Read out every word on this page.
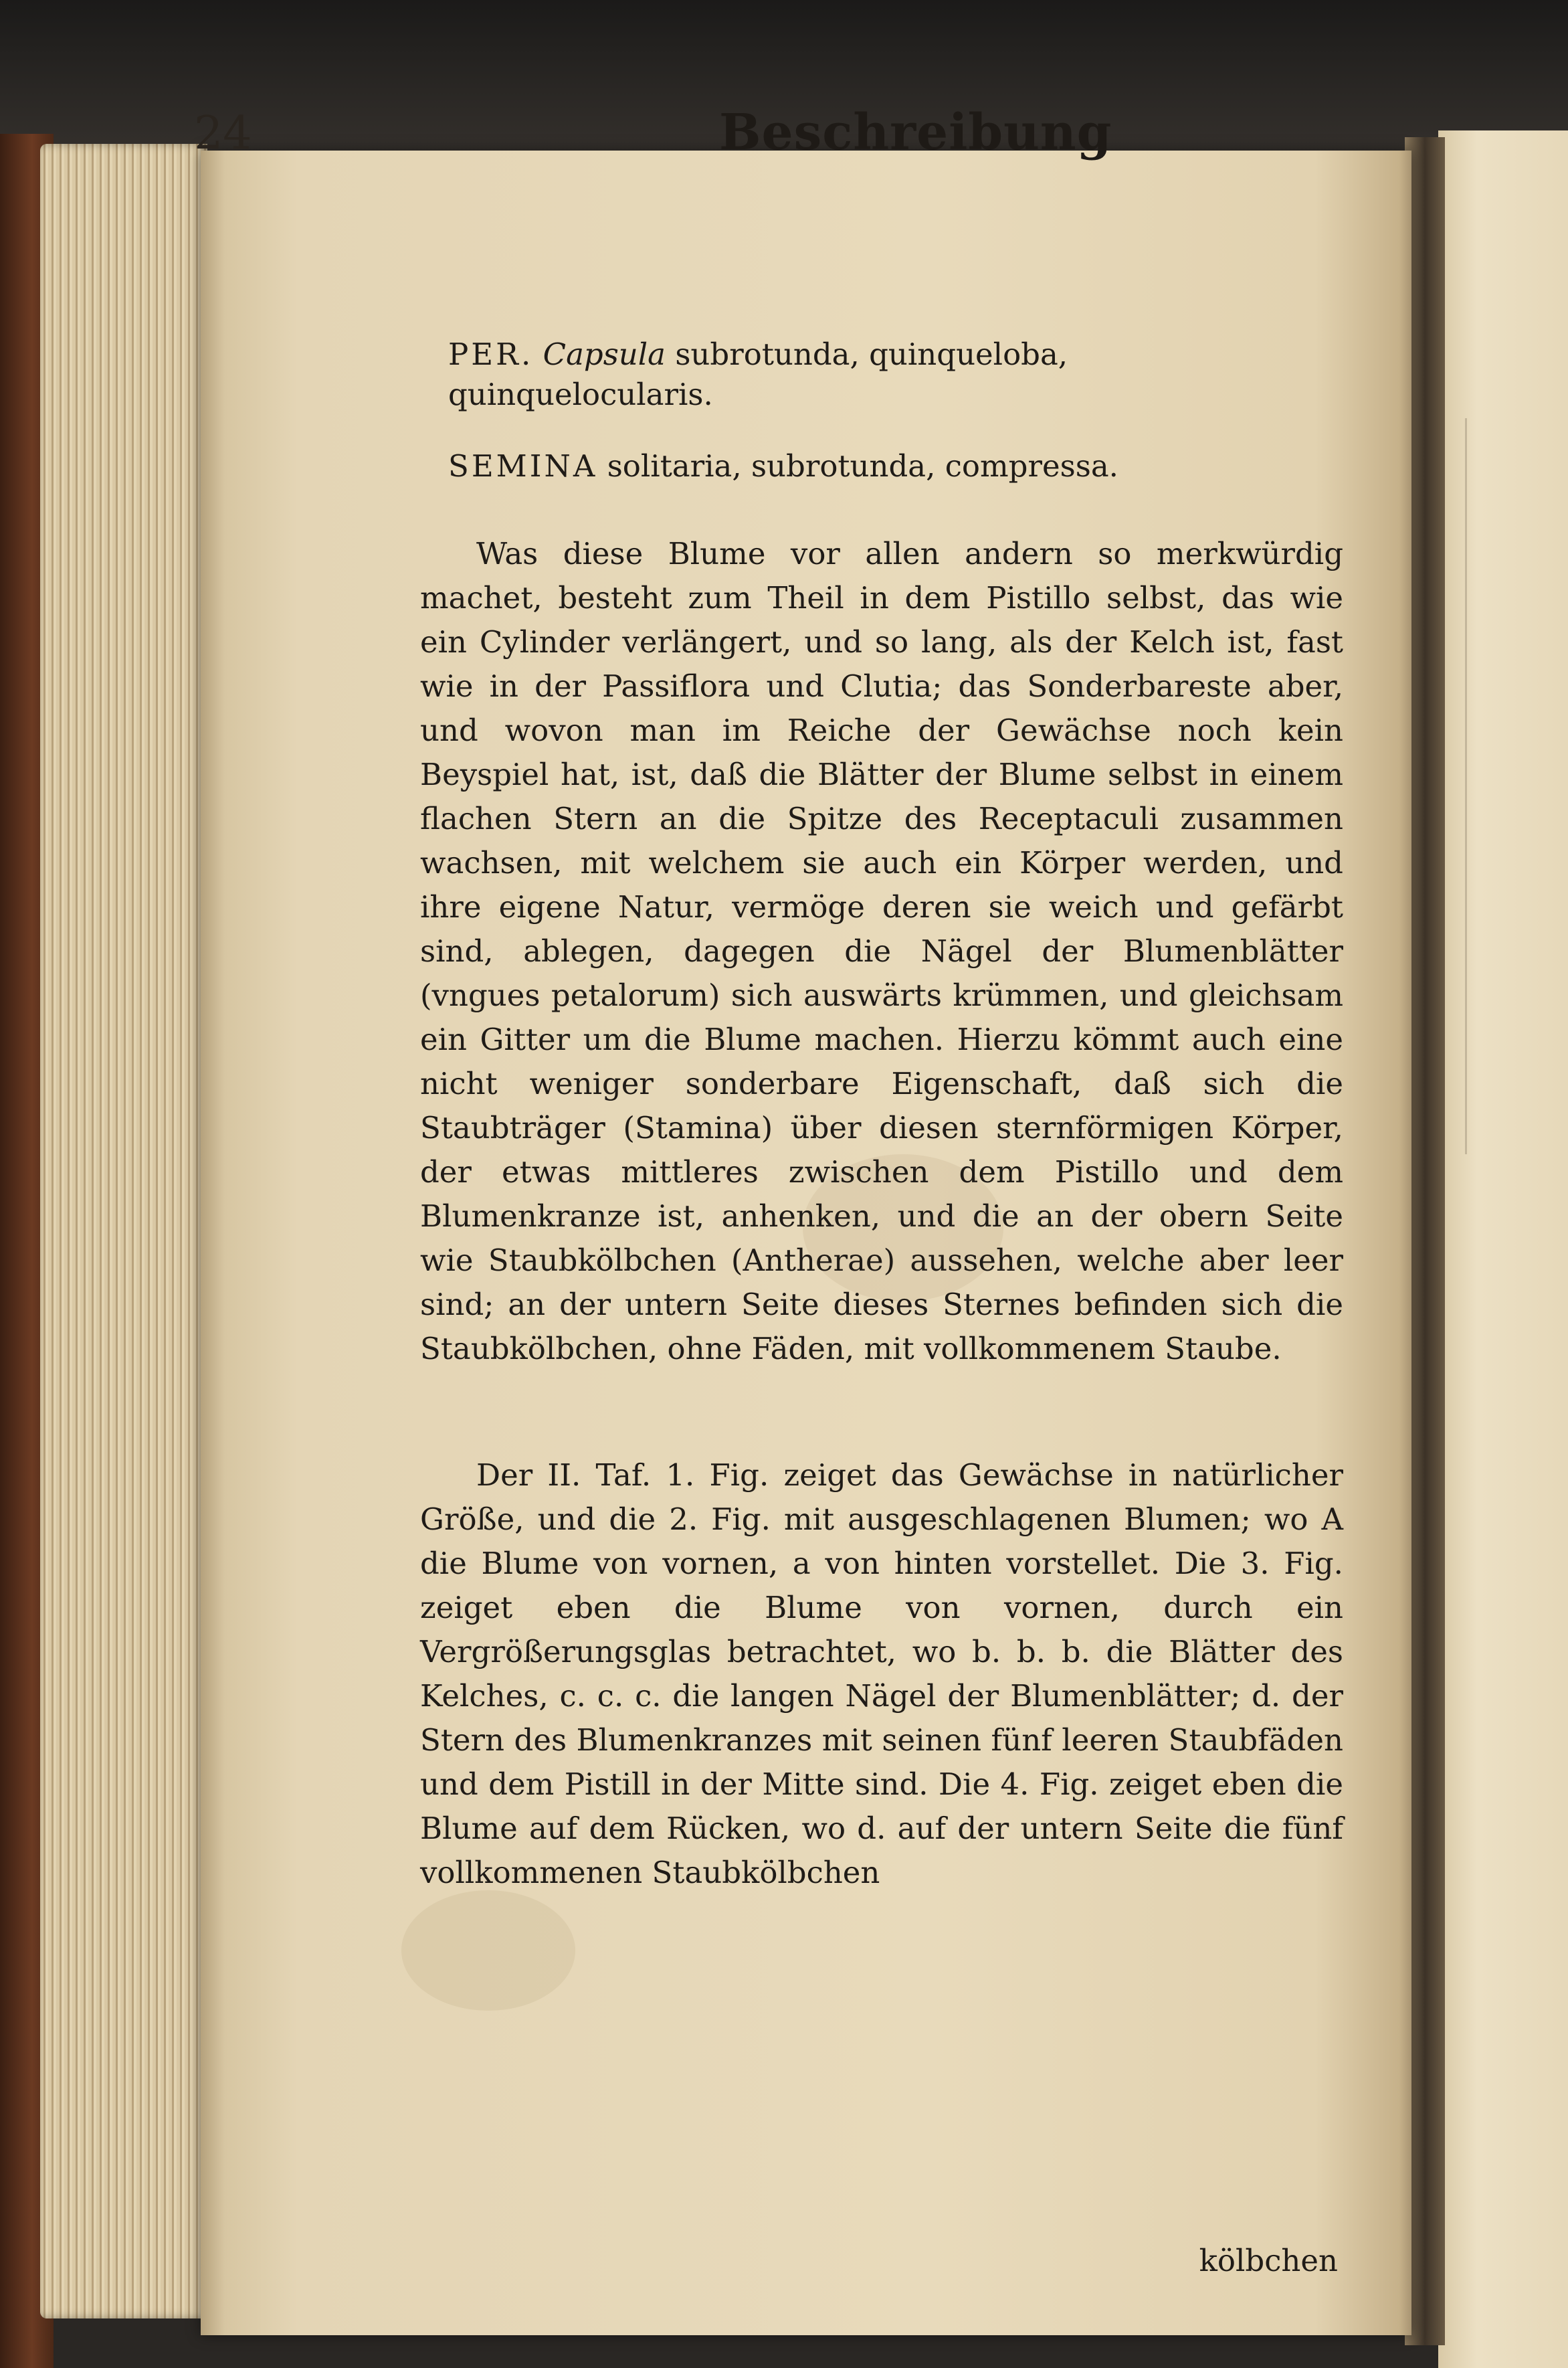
24	Beschreibung
PER. Capsula subrotunda, quinqueloba, quinquelocularis.
SEMINA solitaria, subrotunda, compressa.

Was diese Blume vor allen andern so merkwürdig machet, besteht zum Theil in dem Pistillo selbst, das wie ein Cylinder verlängert, und so lang, als der Kelch ist, fast wie in der Passiflora und Clutia; das Sonderbareste aber, und wovon man im Reiche der Gewächse noch kein Beyspiel hat, ist, daß die Blätter der Blume selbst in einem flachen Stern an die Spitze des Receptaculi zusammen wachsen, mit welchem sie auch ein Körper werden, und ihre eigene Natur, vermöge deren sie weich und gefärbt sind, ablegen, dagegen die Nägel der Blumenblätter (vngues petalorum) sich auswärts krümmen, und gleichsam ein Gitter um die Blume machen. Hierzu kömmt auch eine nicht weniger sonderbare Eigenschaft, daß sich die Staubträger (Stamina) über diesen sternförmigen Körper, der etwas mittleres zwischen dem Pistillo und dem Blumenkranze ist, anhenken, und die an der obern Seite wie Staubkölbchen (Antherae) aussehen, welche aber leer sind; an der untern Seite dieses Sternes befinden sich die Staubkölbchen, ohne Fäden, mit vollkommenem Staube.

Der II. Taf. 1. Fig. zeiget das Gewächse in natürlicher Größe, und die 2. Fig. mit ausgeschlagenen Blumen; wo A die Blume von vornen, a von hinten vorstellet. Die 3. Fig. zeiget eben die Blume von vornen, durch ein Vergrößerungsglas betrachtet, wo b. b. b. die Blätter des Kelches, c. c. c. die langen Nägel der Blumenblätter; d. der Stern des Blumenkranzes mit seinen fünf leeren Staubfäden und dem Pistill in der Mitte sind. Die 4. Fig. zeiget eben die Blume auf dem Rücken, wo d. auf der untern Seite die fünf vollkommenen Staubkölbchen

kölbchen
